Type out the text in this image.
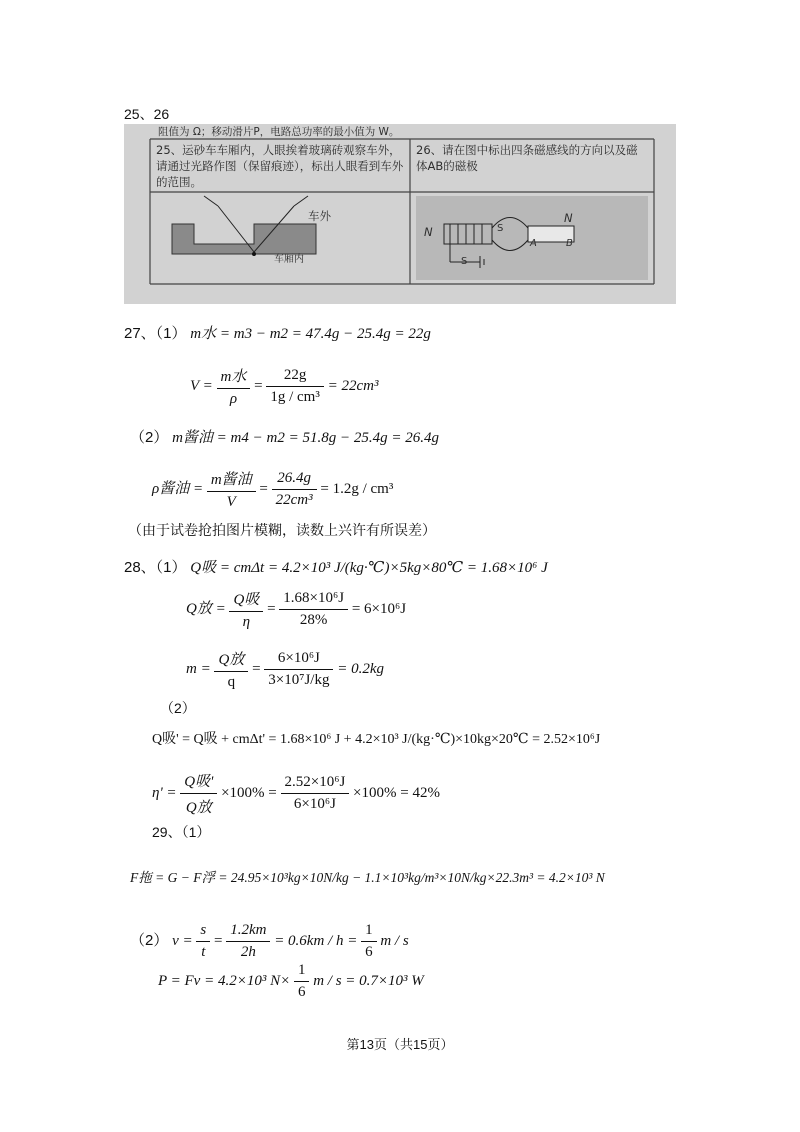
25、26
阻值为 Ω；移动滑片P，电路总功率的最小值为 W。
25、运砂车车厢内，人眼挨着玻璃砖观察车外，请通过光路作图（保留痕迹），标出人眼看到车外的范围。
26、请在图中标出四条磁感线的方向以及磁体AB的磁极
车外
车厢内
S
N
N
A	B
S
27、（1） m水 = m3 − m2 = 47.4g − 25.4g = 22g
$V = \frac{\text{m水}}{\rho} = \frac{22g}{\text{1g / cm³}} = 22cm^3$
（2） m酱油 = m4 − m2 = 51.8g − 25.4g = 26.4g
ρ酱油 = $\frac{\text{m酱油}}{V} = \frac{26.4g}{\text{22cm³}} = 1.2g / cm^3$
（由于试卷抢拍图片模糊，读数上兴许有所误差）
28、（1） Q吸 = cmΔt = 4.2×10³ J/(kg·℃)×5kg×80℃ = 1.68×10⁶ J
Q放 = $\frac{\text{Q吸}}{\eta} = \frac{\text{1.68×10⁶J}}{28\%} = 6\times 10^6J$
$m = \frac{\text{Q放}}{q} = \frac{\text{6×10⁶J}}{\text{3×10⁷J/kg}} = 0.2kg$
（2）
Q吸' = Q吸 + cmΔt' = 1.68×10⁶ J + 4.2×10³ J/(kg·℃)×10kg×20℃ = 2.52×10⁶J
$\eta' = \frac{\text{Q吸'}}{\text{Q放}} \times 100\% = \frac{\text{2.52×10⁶J}}{\text{6×10⁶J}} \times 100\% = 42\%$
29、（1）
F拖 = G − F浮 = 24.95×10³kg×10N/kg − 1.1×10³kg/m³×10N/kg×22.3m³ = 4.2×10³ N
（2） $v = \frac{s}{t} = \frac{1.2km}{2h} = 0.6km / h = \frac{1}{6}$ m / s
P = Fv = 4.2×10³ $N\times \frac{1}{6}$ m / s = 0.7×10³ W
第13页（共15页）
